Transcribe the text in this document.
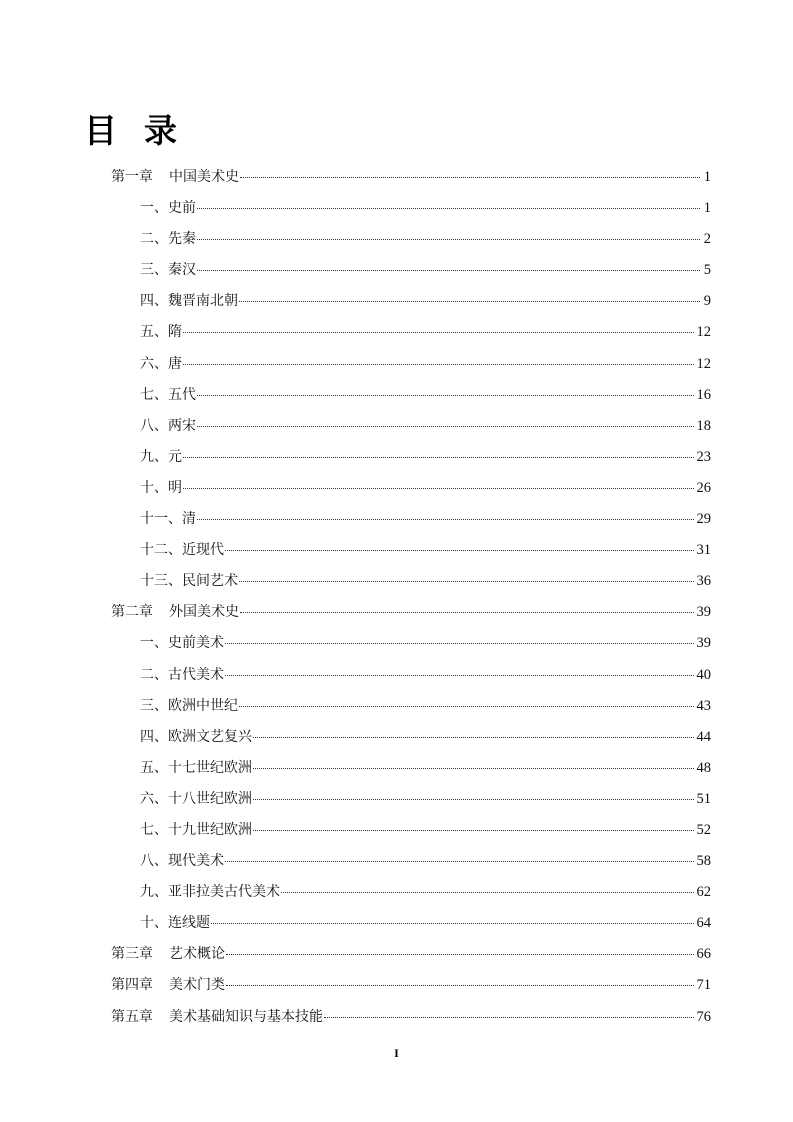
目录
第一章 中国美术史	1
一、 史前	1
二、 先秦	2
三、 秦汉	5
四、 魏晋南北朝	9
五、 隋	12
六、 唐	12
七、 五代	16
八、 两宋	18
九、 元	23
十、 明	26
十一、 清	29
十二、 近现代	31
十三、 民间艺术	36
第二章 外国美术史	39
一、 史前美术	39
二、 古代美术	40
三、 欧洲中世纪	43
四、 欧洲文艺复兴	44
五、 十七世纪欧洲	48
六、 十八世纪欧洲	51
七、 十九世纪欧洲	52
八、 现代美术	58
九、 亚非拉美古代美术	62
十、 连线题	64
第三章 艺术概论	66
第四章 美术门类	71
第五章 美术基础知识与基本技能	76
I
